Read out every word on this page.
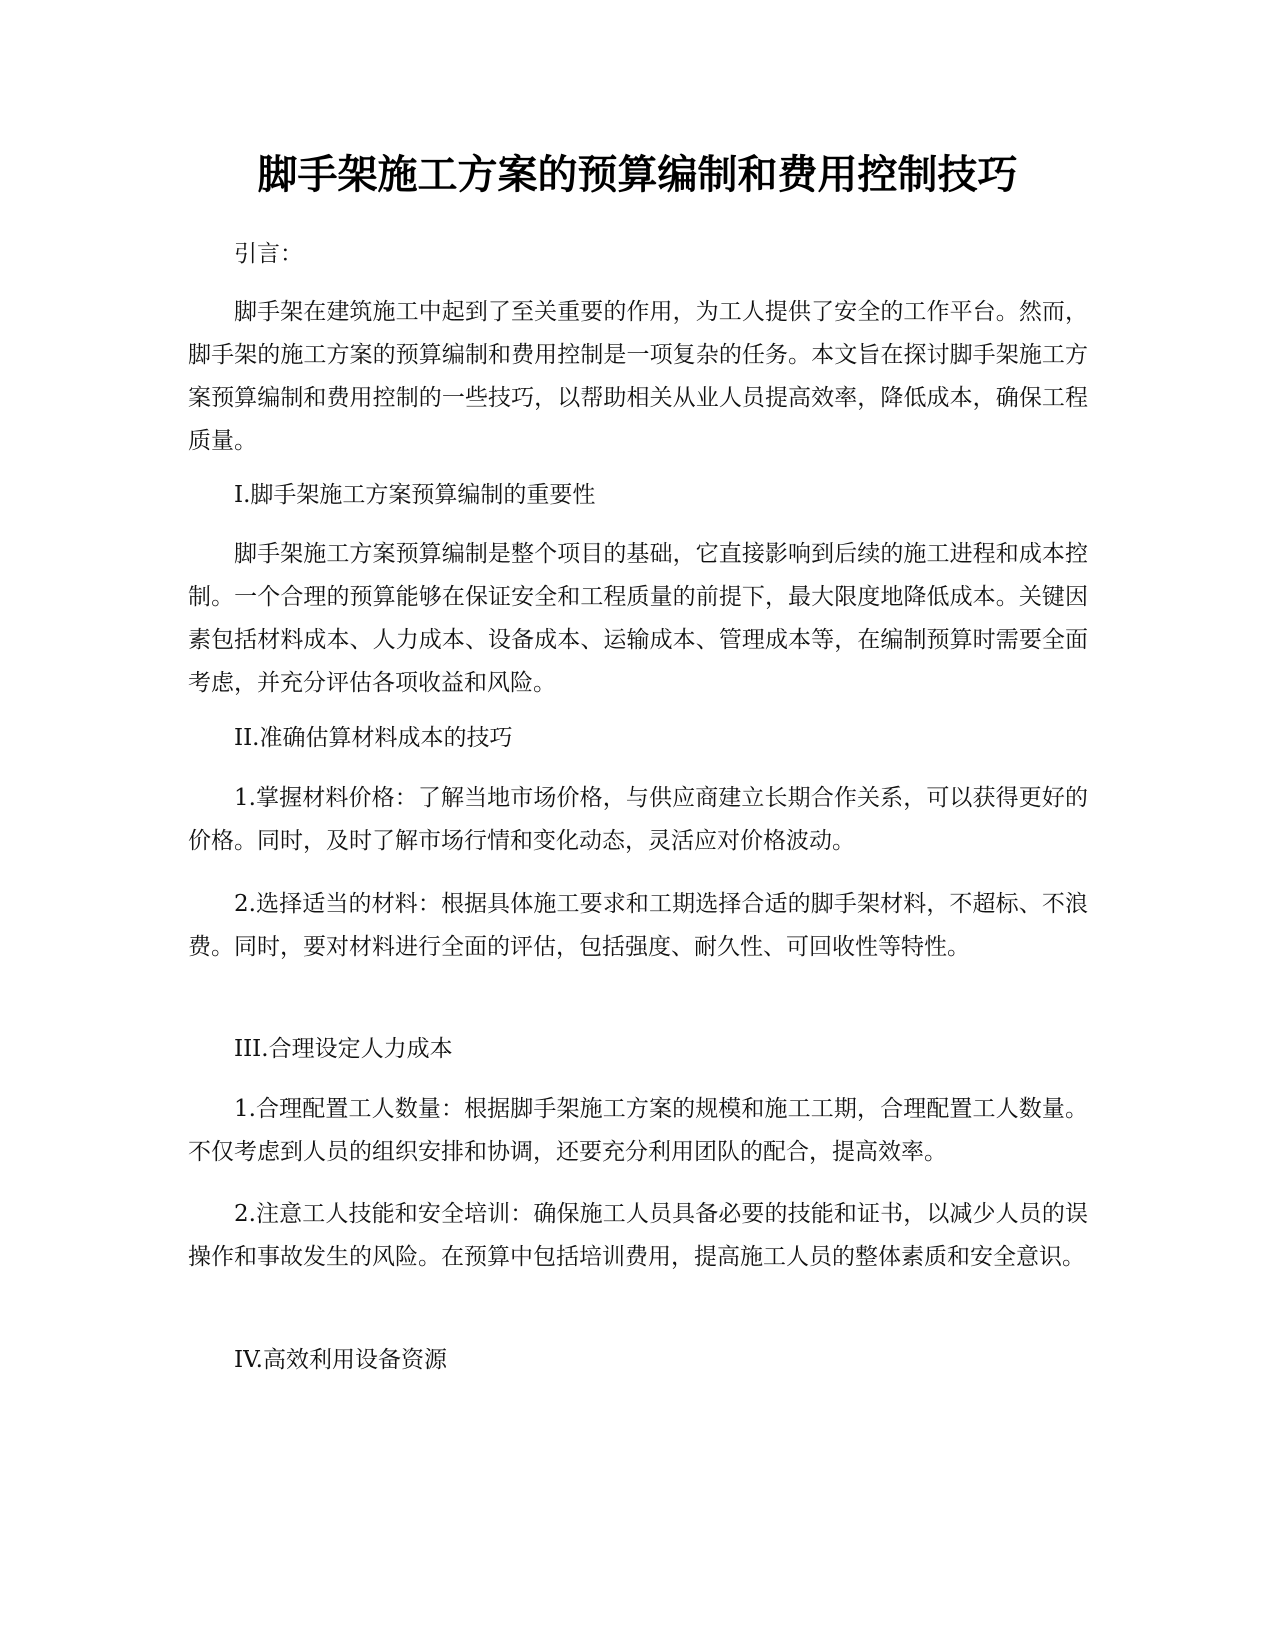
脚手架施工方案的预算编制和费用控制技巧

引言：

脚手架在建筑施工中起到了至关重要的作用，为工人提供了安全的工作平台。然而，脚手架的施工方案的预算编制和费用控制是一项复杂的任务。本文旨在探讨脚手架施工方案预算编制和费用控制的一些技巧，以帮助相关从业人员提高效率，降低成本，确保工程质量。

I.脚手架施工方案预算编制的重要性

脚手架施工方案预算编制是整个项目的基础，它直接影响到后续的施工进程和成本控制。一个合理的预算能够在保证安全和工程质量的前提下，最大限度地降低成本。关键因素包括材料成本、人力成本、设备成本、运输成本、管理成本等，在编制预算时需要全面考虑，并充分评估各项收益和风险。

II.准确估算材料成本的技巧

1.掌握材料价格：了解当地市场价格，与供应商建立长期合作关系，可以获得更好的价格。同时，及时了解市场行情和变化动态，灵活应对价格波动。

2.选择适当的材料：根据具体施工要求和工期选择合适的脚手架材料，不超标、不浪费。同时，要对材料进行全面的评估，包括强度、耐久性、可回收性等特性。

III.合理设定人力成本

1.合理配置工人数量：根据脚手架施工方案的规模和施工工期，合理配置工人数量。不仅考虑到人员的组织安排和协调，还要充分利用团队的配合，提高效率。

2.注意工人技能和安全培训：确保施工人员具备必要的技能和证书，以减少人员的误操作和事故发生的风险。在预算中包括培训费用，提高施工人员的整体素质和安全意识。

IV.高效利用设备资源
